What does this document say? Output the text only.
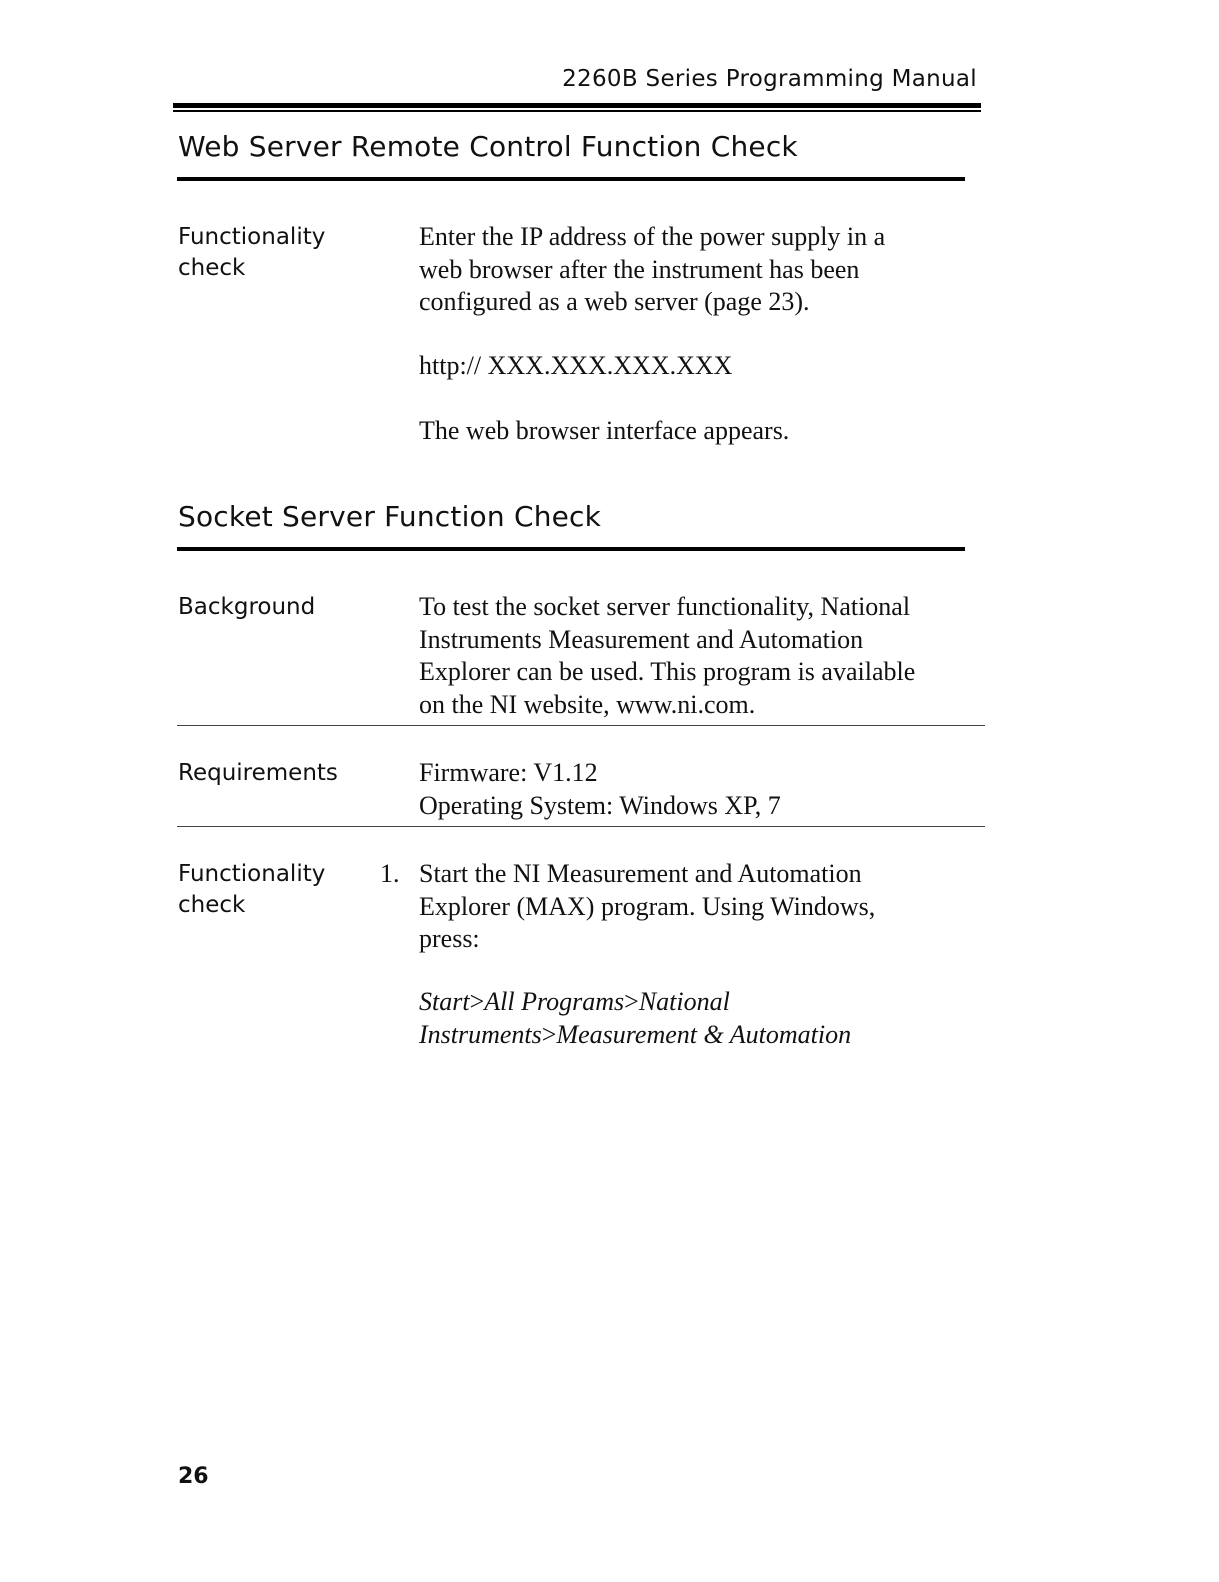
2260B Series Programming Manual
Web Server Remote Control Function Check
Functionality
check
Enter the IP address of the power supply in a
web browser after the instrument has been
configured as a web server (page 23).
http:// XXX.XXX.XXX.XXX
The web browser interface appears.
Socket Server Function Check
Background	To test the socket server functionality, National
Instruments Measurement and Automation
Explorer can be used. This program is available
on the NI website, www.ni.com.
Requirements	Firmware: V1.12
Operating System: Windows XP, 7
Functionality
check
1. Start the NI Measurement and Automation
Explorer (MAX) program. Using Windows,
press:
Start>All Programs>National
Instruments>Measurement & Automation
26
